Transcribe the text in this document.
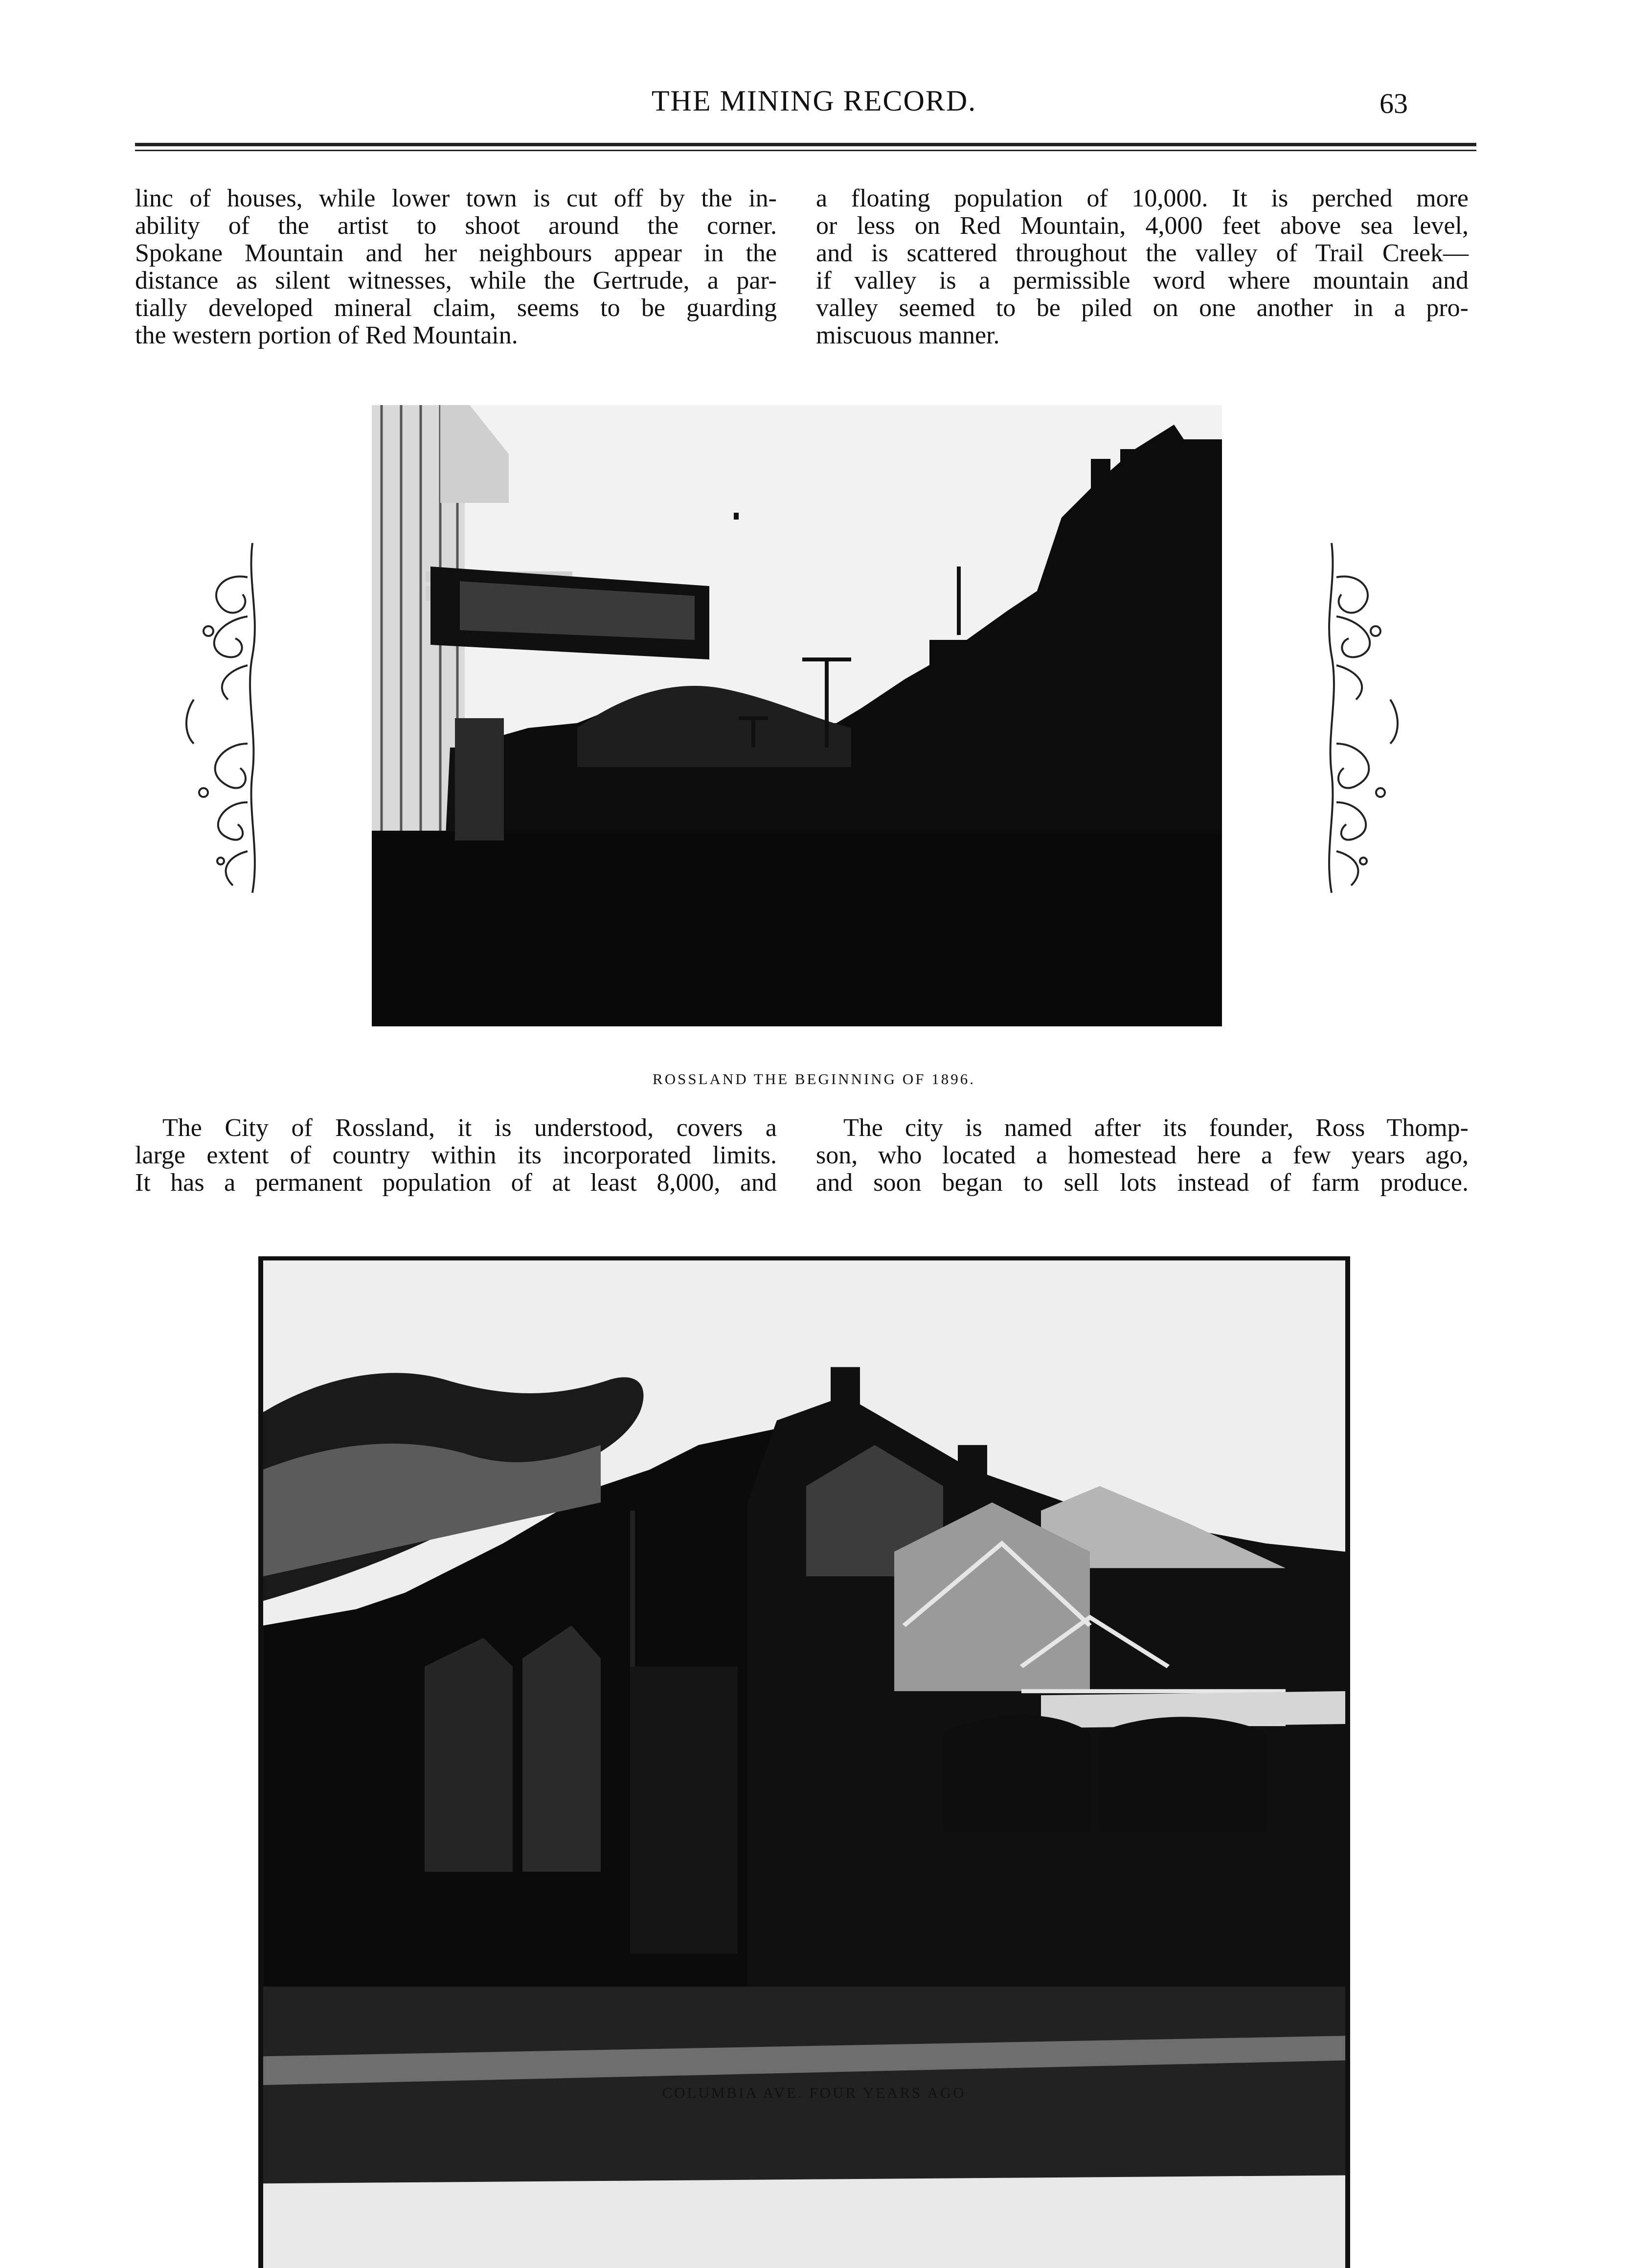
THE MINING RECORD.	63
linc of houses, while lower town is cut off by the in-
ability of the artist to shoot around the corner.
Spokane Mountain and her neighbours appear in the
distance as silent witnesses, while the Gertrude, a par-
tially developed mineral claim, seems to be guarding
the western portion of Red Mountain.
a floating population of 10,000. It is perched more
or less on Red Mountain, 4,000 feet above sea level,
and is scattered throughout the valley of Trail Creek—
if valley is a permissible word where mountain and
valley seemed to be piled on one another in a pro-
miscuous manner.
ROSSLAND THE BEGINNING OF 1896.
The City of Rossland, it is understood, covers a
large extent of country within its incorporated limits.
It has a permanent population of at least 8,000, and
The city is named after its founder, Ross Thomp-
son, who located a homestead here a few years ago,
and soon began to sell lots instead of farm produce.
COLUMBIA AVE. FOUR YEARS AGO
